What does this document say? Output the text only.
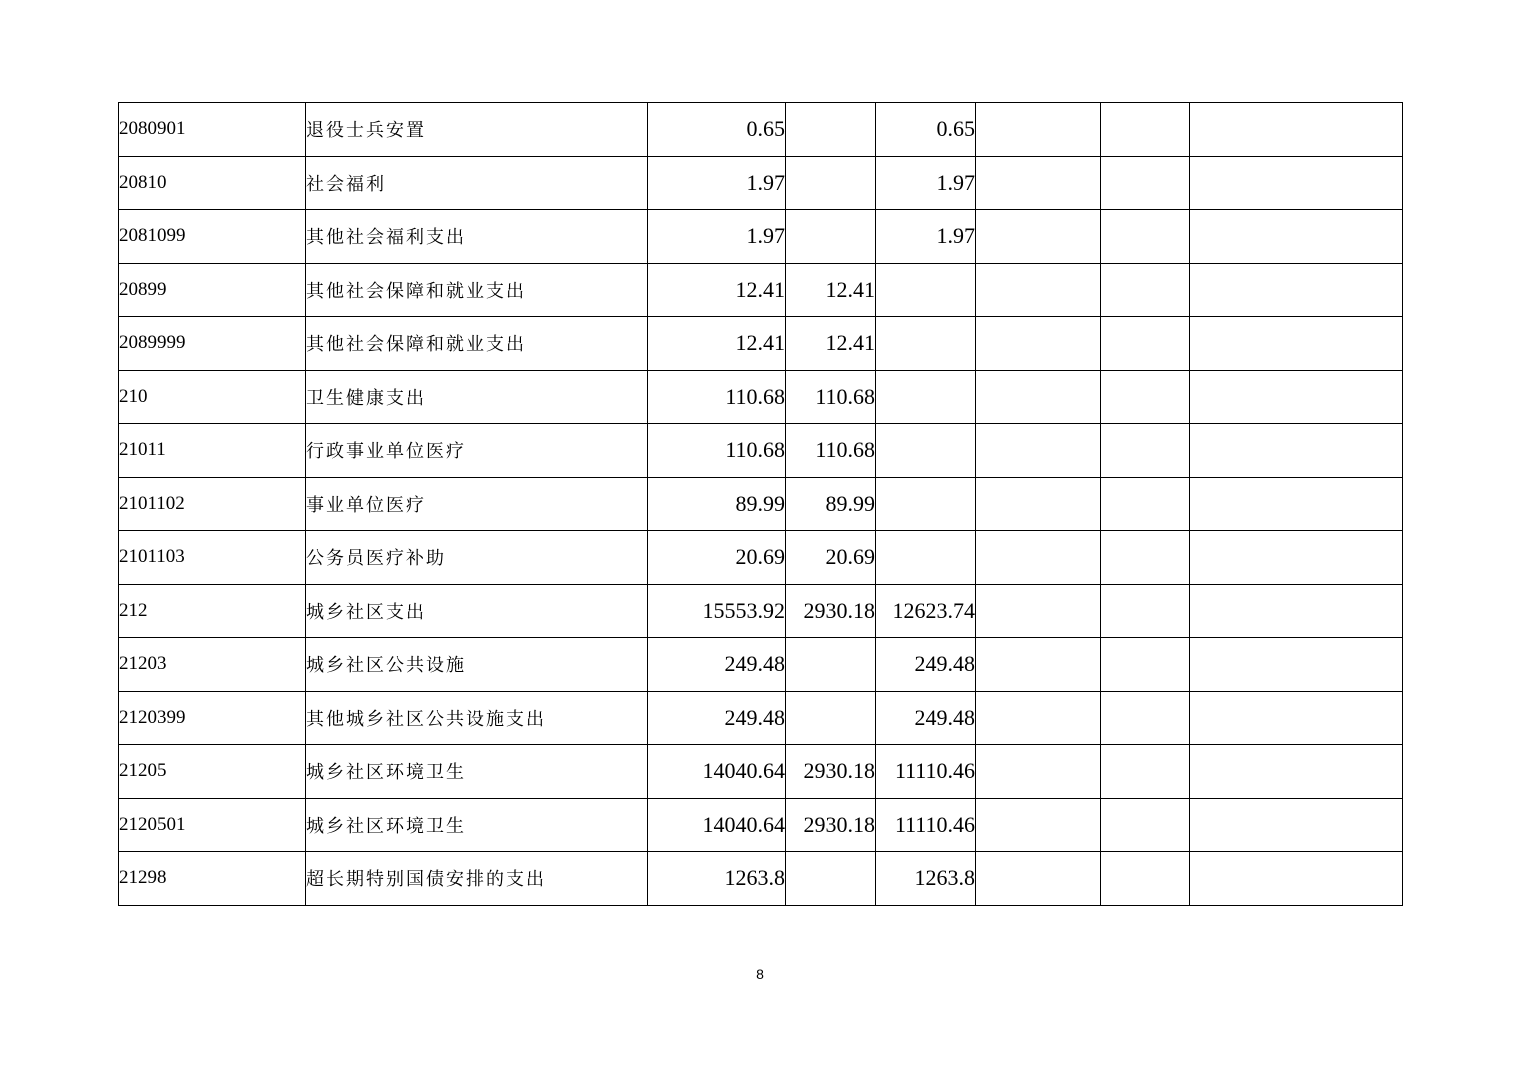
2080901	退役士兵安置	0.65		0.65			
20810	社会福利	1.97		1.97			
2081099	其他社会福利支出	1.97		1.97			
20899	其他社会保障和就业支出	12.41	12.41				
2089999	其他社会保障和就业支出	12.41	12.41				
210	卫生健康支出	110.68	110.68				
21011	行政事业单位医疗	110.68	110.68				
2101102	事业单位医疗	89.99	89.99				
2101103	公务员医疗补助	20.69	20.69				
212	城乡社区支出	15553.92	2930.18	12623.74			
21203	城乡社区公共设施	249.48		249.48			
2120399	其他城乡社区公共设施支出	249.48		249.48			
21205	城乡社区环境卫生	14040.64	2930.18	11110.46			
2120501	城乡社区环境卫生	14040.64	2930.18	11110.46			
21298	超长期特别国债安排的支出	1263.8		1263.8			
8
